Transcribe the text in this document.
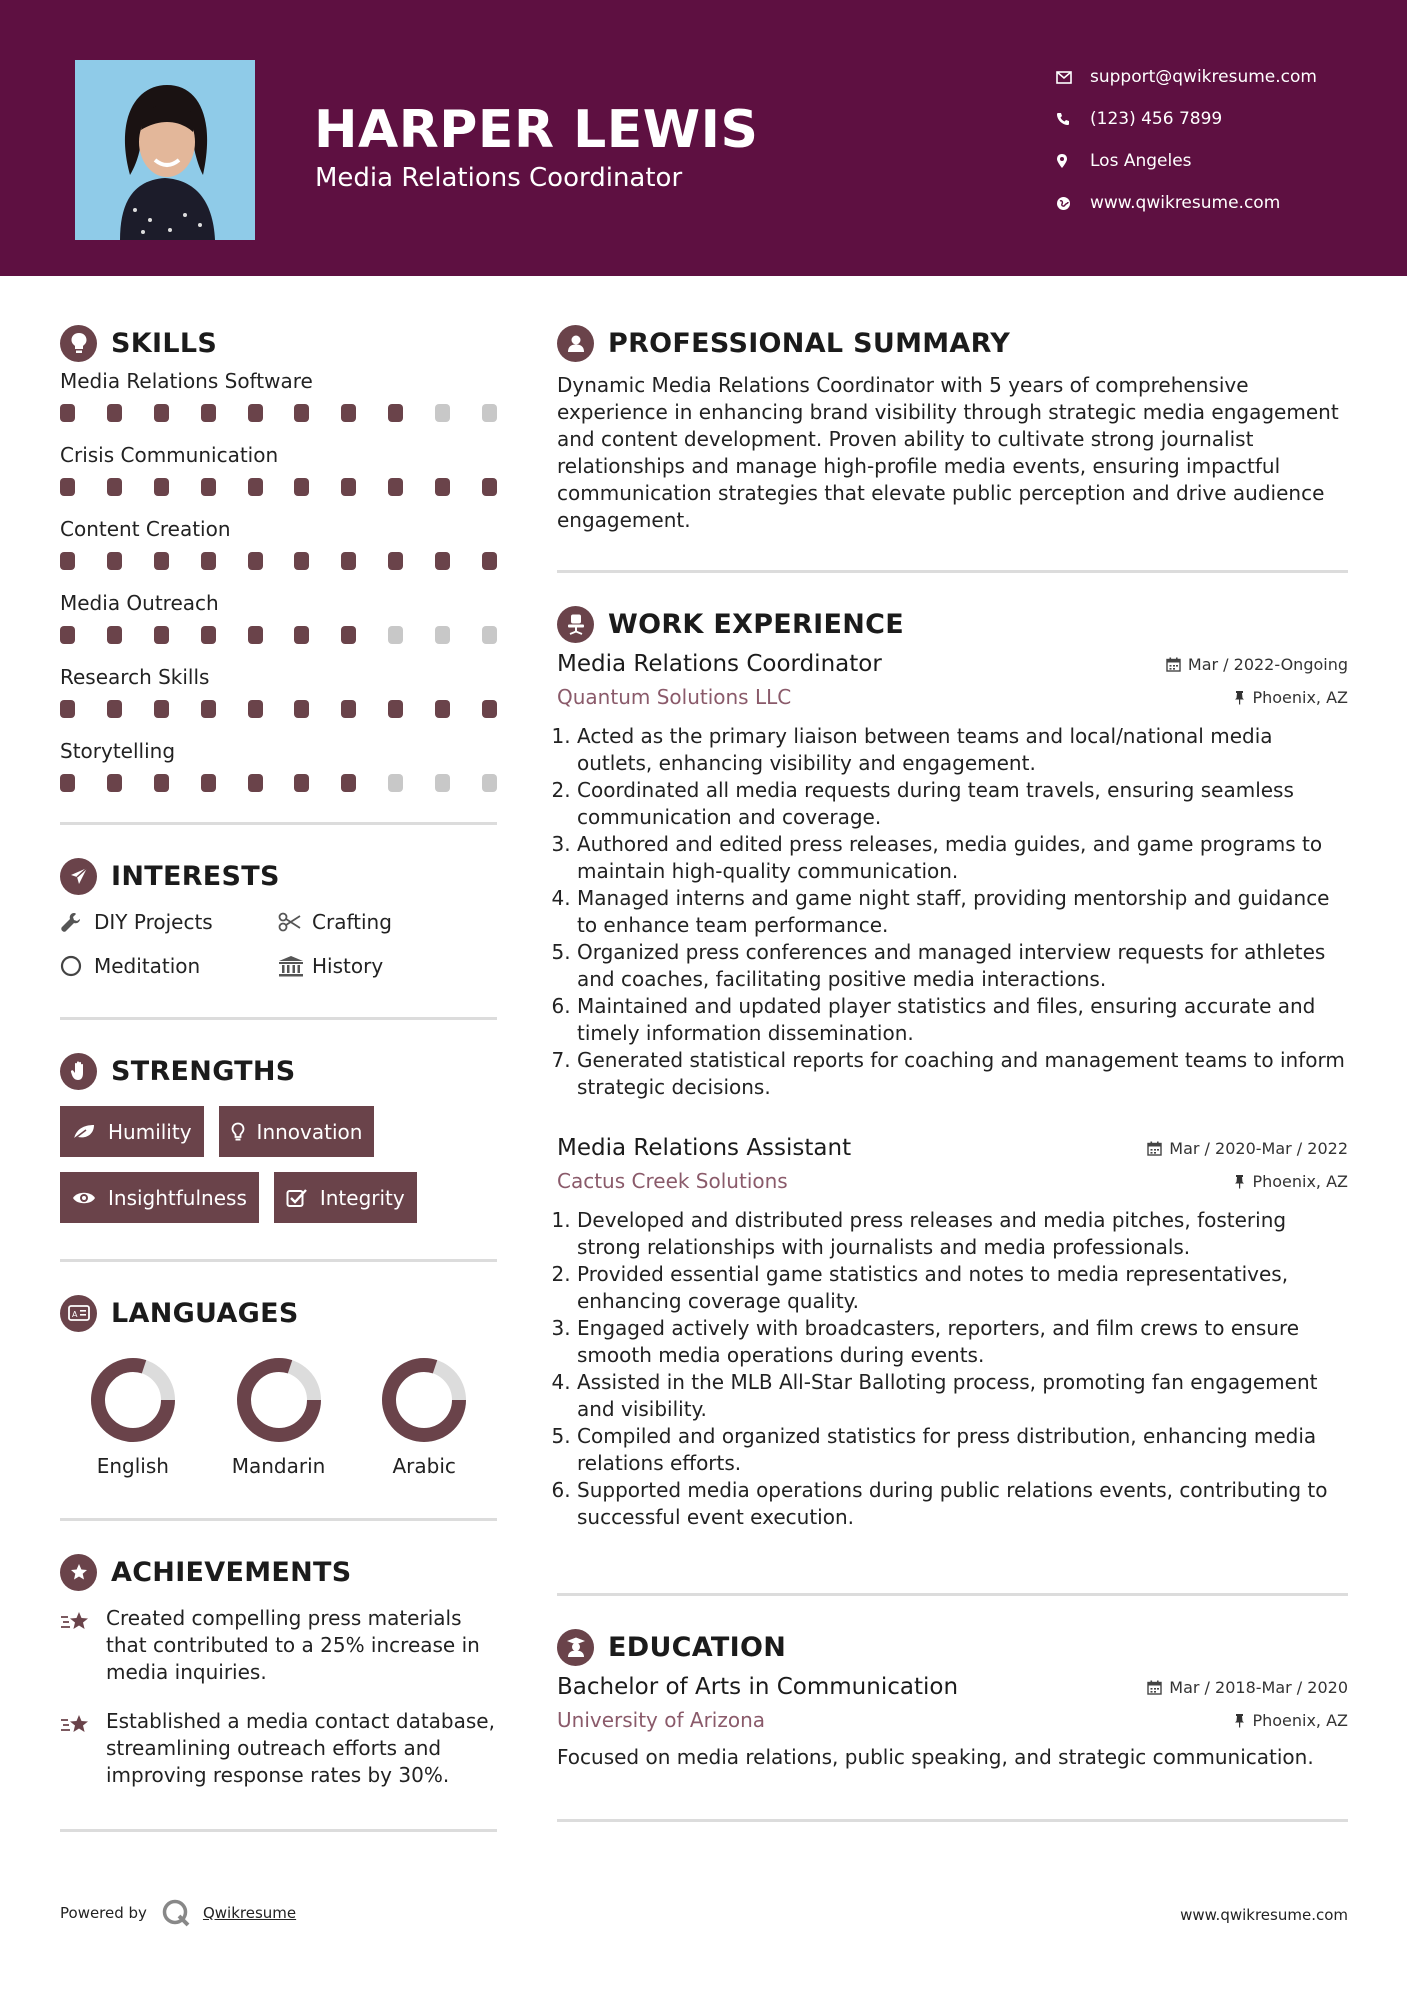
HARPER LEWIS
Media Relations Coordinator
support@qwikresume.com
(123) 456 7899
Los Angeles
www.qwikresume.com
SKILLS
Media Relations Software
Crisis Communication
Content Creation
Media Outreach
Research Skills
Storytelling
INTERESTS
DIY Projects	Crafting
Meditation	History
STRENGTHS
Humility	Innovation
Insightfulness	Integrity
A LANGUAGES
English	Mandarin	Arabic
ACHIEVEMENTS
Created compelling press materials that contributed to a 25% increase in media inquiries.
Established a media contact database, streamlining outreach efforts and improving response rates by 30%.
PROFESSIONAL SUMMARY

Dynamic Media Relations Coordinator with 5 years of comprehensive experience in enhancing brand visibility through strategic media engagement and content development. Proven ability to cultivate strong journalist relationships and manage high-profile media events, ensuring impactful communication strategies that elevate public perception and drive audience engagement.

WORK EXPERIENCE
Media Relations Coordinator	Mar / 2022-Ongoing
Quantum Solutions LLC	Phoenix, AZ
1. Acted as the primary liaison between teams and local/national media outlets, enhancing visibility and engagement.
2. Coordinated all media requests during team travels, ensuring seamless communication and coverage.
3. Authored and edited press releases, media guides, and game programs to maintain high-quality communication.
4. Managed interns and game night staff, providing mentorship and guidance to enhance team performance.
5. Organized press conferences and managed interview requests for athletes and coaches, facilitating positive media interactions.
6. Maintained and updated player statistics and files, ensuring accurate and timely information dissemination.
7. Generated statistical reports for coaching and management teams to inform strategic decisions.
Media Relations Assistant	Mar / 2020-Mar / 2022
Cactus Creek Solutions	Phoenix, AZ
1. Developed and distributed press releases and media pitches, fostering strong relationships with journalists and media professionals.
2. Provided essential game statistics and notes to media representatives, enhancing coverage quality.
3. Engaged actively with broadcasters, reporters, and film crews to ensure smooth media operations during events.
4. Assisted in the MLB All-Star Balloting process, promoting fan engagement and visibility.
5. Compiled and organized statistics for press distribution, enhancing media relations efforts.
6. Supported media operations during public relations events, contributing to successful event execution.
EDUCATION
Bachelor of Arts in Communication	Mar / 2018-Mar / 2020
University of Arizona	Phoenix, AZ

Focused on media relations, public speaking, and strategic communication.

Powered by	Qwikresume	www.qwikresume.com
